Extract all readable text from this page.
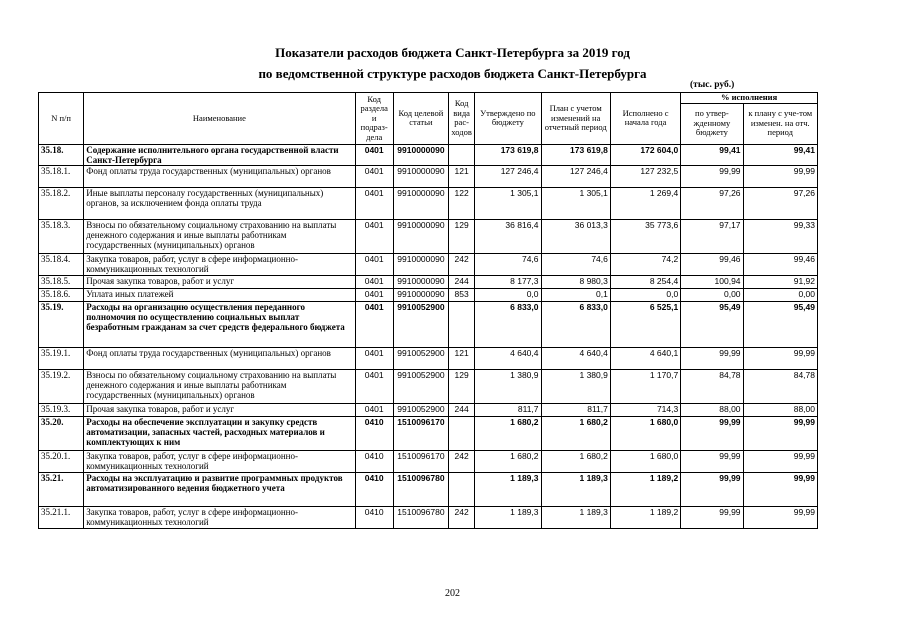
Показатели расходов бюджета Санкт-Петербурга за 2019 год
по ведомственной структуре расходов бюджета Санкт-Петербурга
(тыс. руб.)
N п/п	Наименование	Код раздела и подраз-дела	Код целевой статьи	Код вида рас-ходов	Утверждено по бюджету	План с учетом изменений на отчетный период	Исполнено с начала года	% исполнения	
								по утвер-жденному бюджету	к плану с уче-том изменен. на отч. период
35.18.	Содержание исполнительного органа государственной власти Санкт-Петербурга	0401	9910000090		173 619,8	173 619,8	172 604,0	99,41	99,41
35.18.1.	Фонд оплаты труда государственных (муниципальных) органов	0401	9910000090	121	127 246,4	127 246,4	127 232,5	99,99	99,99
35.18.2.	Иные выплаты персоналу государственных (муниципальных) органов, за исключением фонда оплаты труда	0401	9910000090	122	1 305,1	1 305,1	1 269,4	97,26	97,26
35.18.3.	Взносы по обязательному социальному страхованию на выплаты денежного содержания и иные выплаты работникам государственных (муниципальных) органов	0401	9910000090	129	36 816,4	36 013,3	35 773,6	97,17	99,33
35.18.4.	Закупка товаров, работ, услуг в сфере информационно-коммуникационных технологий	0401	9910000090	242	74,6	74,6	74,2	99,46	99,46
35.18.5.	Прочая закупка товаров, работ и услуг	0401	9910000090	244	8 177,3	8 980,3	8 254,4	100,94	91,92
35.18.6.	Уплата иных платежей	0401	9910000090	853	0,0	0,1	0,0	0,00	0,00
35.19.	Расходы на организацию осуществления переданного полномочия по осуществлению социальных выплат безработным гражданам за счет средств федерального бюджета	0401	9910052900		6 833,0	6 833,0	6 525,1	95,49	95,49
35.19.1.	Фонд оплаты труда государственных (муниципальных) органов	0401	9910052900	121	4 640,4	4 640,4	4 640,1	99,99	99,99
35.19.2.	Взносы по обязательному социальному страхованию на выплаты денежного содержания и иные выплаты работникам государственных (муниципальных) органов	0401	9910052900	129	1 380,9	1 380,9	1 170,7	84,78	84,78
35.19.3.	Прочая закупка товаров, работ и услуг	0401	9910052900	244	811,7	811,7	714,3	88,00	88,00
35.20.	Расходы на обеспечение эксплуатации и закупку средств автоматизации, запасных частей, расходных материалов и комплектующих к ним	0410	1510096170		1 680,2	1 680,2	1 680,0	99,99	99,99
35.20.1.	Закупка товаров, работ, услуг в сфере информационно-коммуникационных технологий	0410	1510096170	242	1 680,2	1 680,2	1 680,0	99,99	99,99
35.21.	Расходы на эксплуатацию и развитие программных продуктов автоматизированного ведения бюджетного учета	0410	1510096780		1 189,3	1 189,3	1 189,2	99,99	99,99
35.21.1.	Закупка товаров, работ, услуг в сфере информационно-коммуникационных технологий	0410	1510096780	242	1 189,3	1 189,3	1 189,2	99,99	99,99
202
